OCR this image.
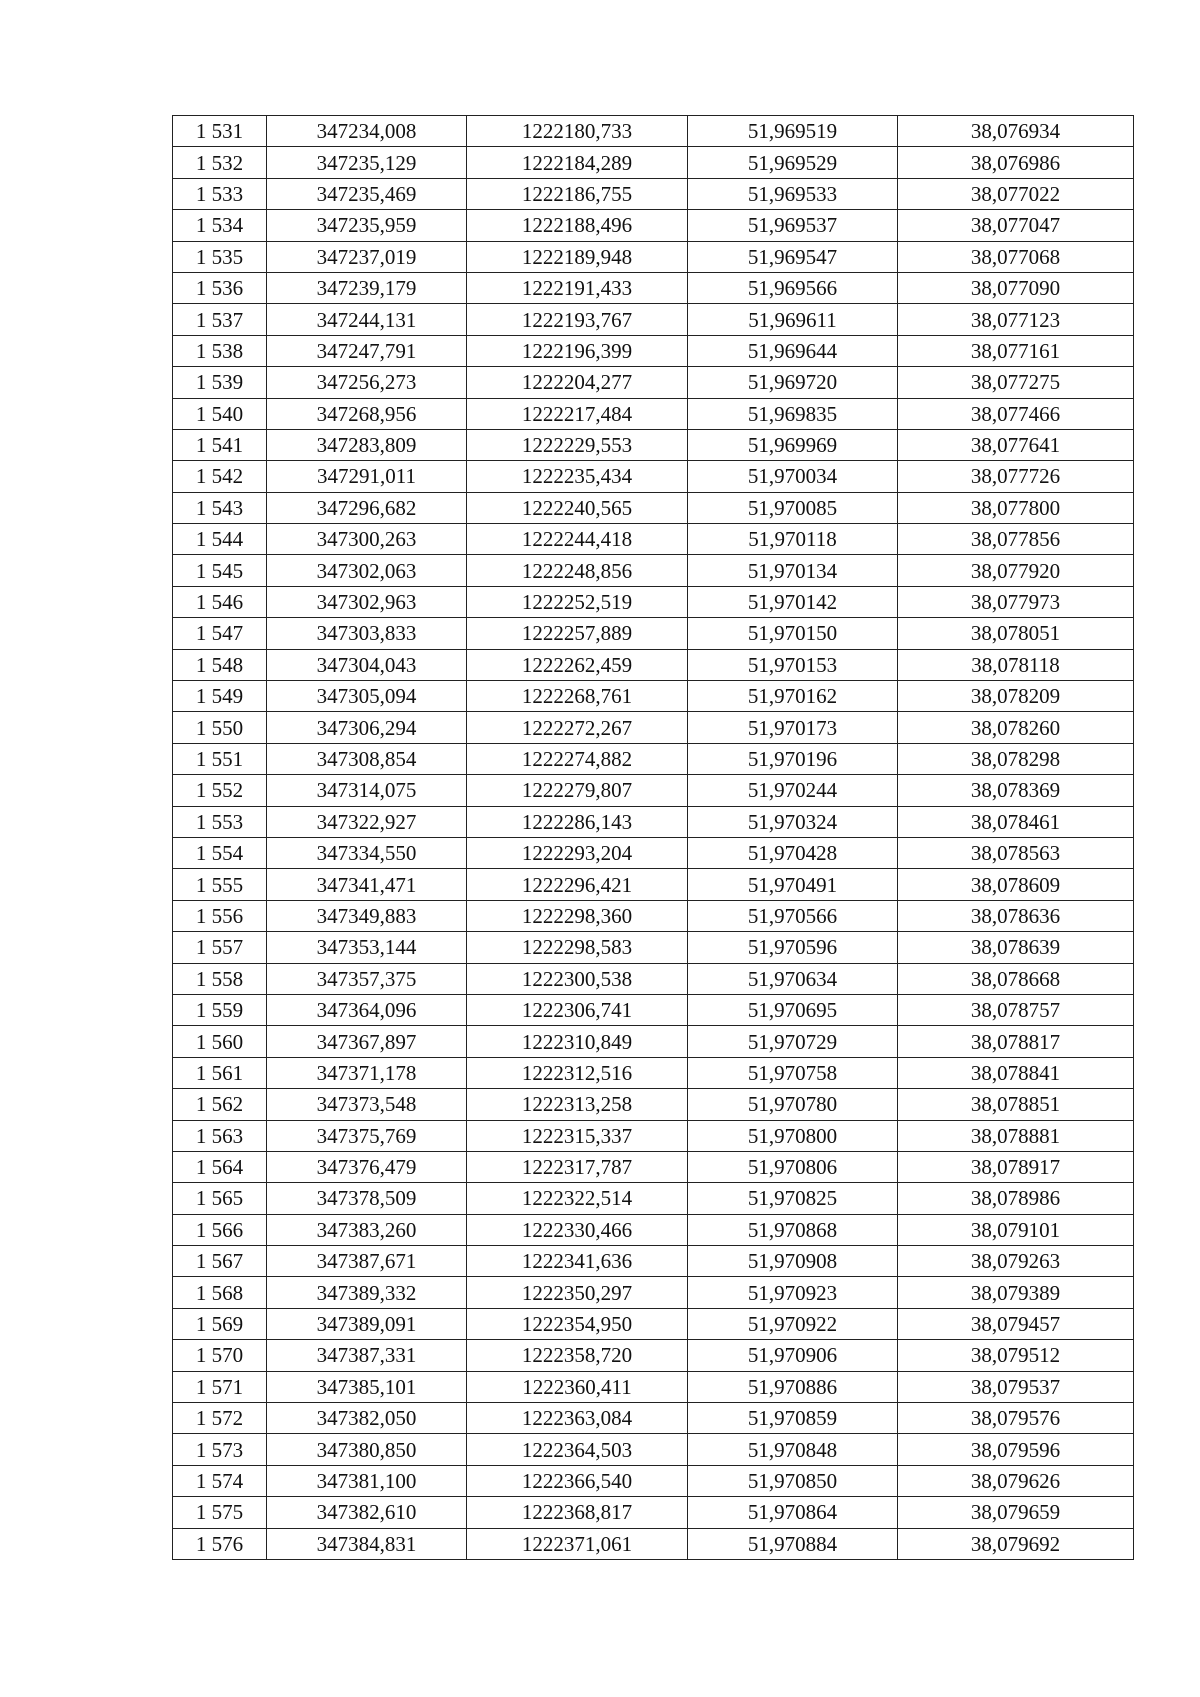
1 531	347234,008	1222180,733	51,969519	38,076934
1 532	347235,129	1222184,289	51,969529	38,076986
1 533	347235,469	1222186,755	51,969533	38,077022
1 534	347235,959	1222188,496	51,969537	38,077047
1 535	347237,019	1222189,948	51,969547	38,077068
1 536	347239,179	1222191,433	51,969566	38,077090
1 537	347244,131	1222193,767	51,969611	38,077123
1 538	347247,791	1222196,399	51,969644	38,077161
1 539	347256,273	1222204,277	51,969720	38,077275
1 540	347268,956	1222217,484	51,969835	38,077466
1 541	347283,809	1222229,553	51,969969	38,077641
1 542	347291,011	1222235,434	51,970034	38,077726
1 543	347296,682	1222240,565	51,970085	38,077800
1 544	347300,263	1222244,418	51,970118	38,077856
1 545	347302,063	1222248,856	51,970134	38,077920
1 546	347302,963	1222252,519	51,970142	38,077973
1 547	347303,833	1222257,889	51,970150	38,078051
1 548	347304,043	1222262,459	51,970153	38,078118
1 549	347305,094	1222268,761	51,970162	38,078209
1 550	347306,294	1222272,267	51,970173	38,078260
1 551	347308,854	1222274,882	51,970196	38,078298
1 552	347314,075	1222279,807	51,970244	38,078369
1 553	347322,927	1222286,143	51,970324	38,078461
1 554	347334,550	1222293,204	51,970428	38,078563
1 555	347341,471	1222296,421	51,970491	38,078609
1 556	347349,883	1222298,360	51,970566	38,078636
1 557	347353,144	1222298,583	51,970596	38,078639
1 558	347357,375	1222300,538	51,970634	38,078668
1 559	347364,096	1222306,741	51,970695	38,078757
1 560	347367,897	1222310,849	51,970729	38,078817
1 561	347371,178	1222312,516	51,970758	38,078841
1 562	347373,548	1222313,258	51,970780	38,078851
1 563	347375,769	1222315,337	51,970800	38,078881
1 564	347376,479	1222317,787	51,970806	38,078917
1 565	347378,509	1222322,514	51,970825	38,078986
1 566	347383,260	1222330,466	51,970868	38,079101
1 567	347387,671	1222341,636	51,970908	38,079263
1 568	347389,332	1222350,297	51,970923	38,079389
1 569	347389,091	1222354,950	51,970922	38,079457
1 570	347387,331	1222358,720	51,970906	38,079512
1 571	347385,101	1222360,411	51,970886	38,079537
1 572	347382,050	1222363,084	51,970859	38,079576
1 573	347380,850	1222364,503	51,970848	38,079596
1 574	347381,100	1222366,540	51,970850	38,079626
1 575	347382,610	1222368,817	51,970864	38,079659
1 576	347384,831	1222371,061	51,970884	38,079692
